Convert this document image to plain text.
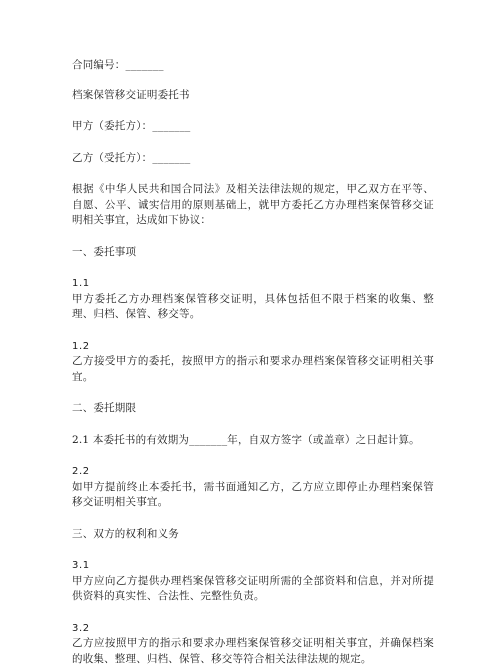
合同编号：_______

档案保管移交证明委托书

甲方（委托方）：_______

乙方（受托方）：_______

根据《中华人民共和国合同法》及相关法律法规的规定，甲乙双方在平等、自愿、公平、诚实信用的原则基础上，就甲方委托乙方办理档案保管移交证明相关事宜，达成如下协议：

一、委托事项

1.1

甲方委托乙方办理档案保管移交证明，具体包括但不限于档案的收集、整理、归档、保管、移交等。

1.2

乙方接受甲方的委托，按照甲方的指示和要求办理档案保管移交证明相关事宜。

二、委托期限

2.1 本委托书的有效期为_______年，自双方签字（或盖章）之日起计算。

2.2

如甲方提前终止本委托书，需书面通知乙方，乙方应立即停止办理档案保管移交证明相关事宜。

三、双方的权利和义务

3.1

甲方应向乙方提供办理档案保管移交证明所需的全部资料和信息，并对所提供资料的真实性、合法性、完整性负责。

3.2

乙方应按照甲方的指示和要求办理档案保管移交证明相关事宜，并确保档案的收集、整理、归档、保管、移交等符合相关法律法规的规定。
